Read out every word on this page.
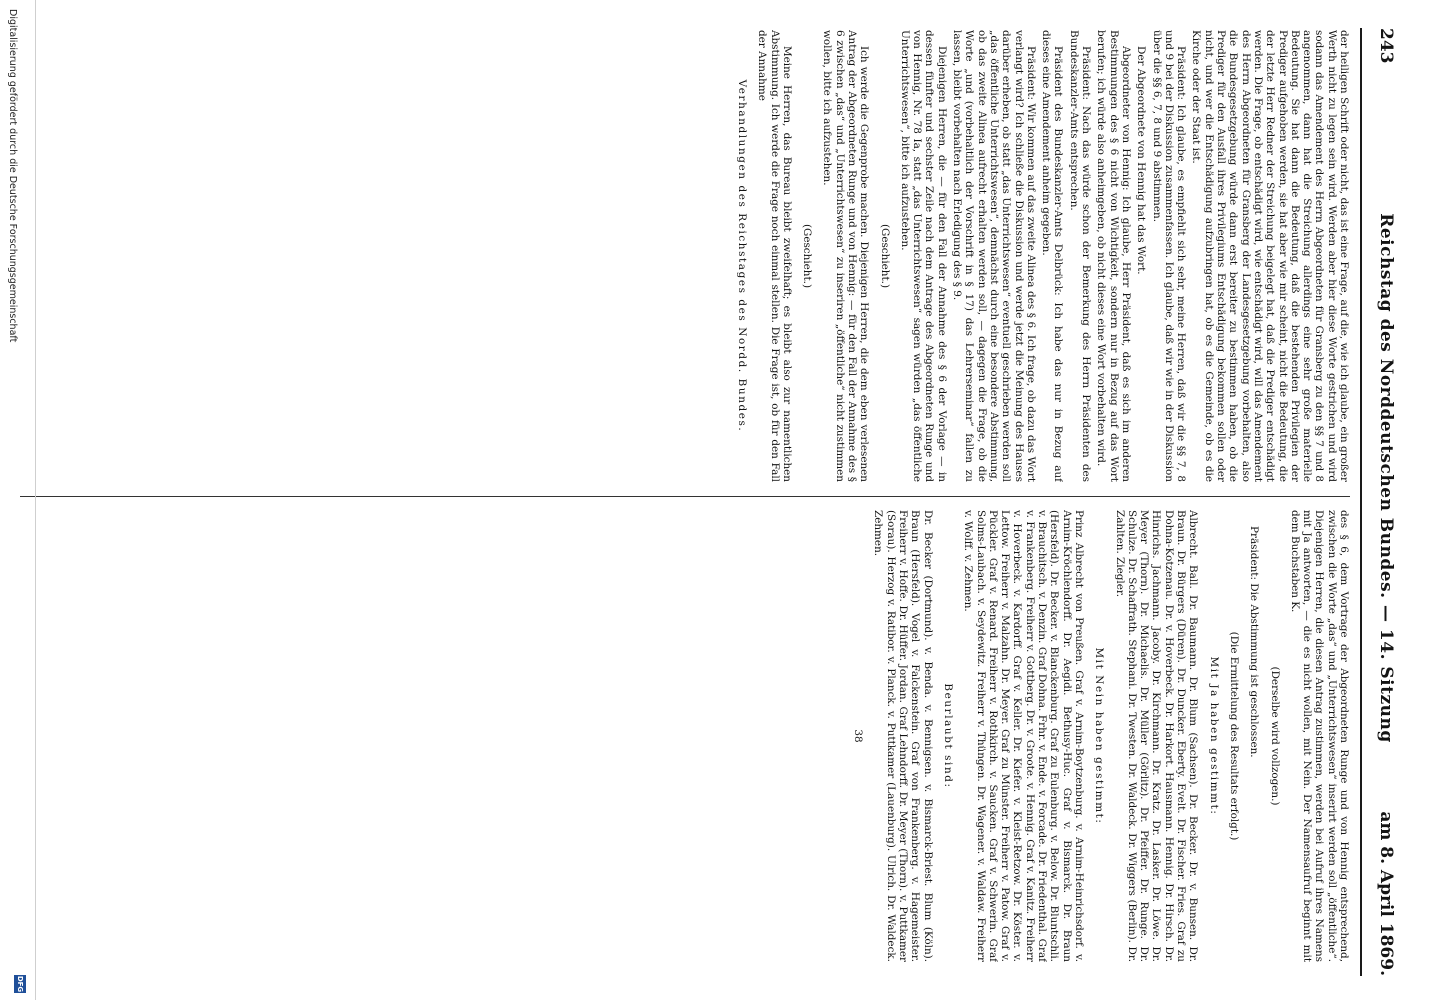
243
Reichstag des Norddeutschen Bundes. — 14. Sitzung
am 8. April 1869.

der heiligen Schrift oder nicht, das ist eine Frage, auf die, wie ich glaube, ein großer Werth nicht zu legen sein wird. Werden aber hier diese Worte gestrichen und wird sodann das Amendement des Herrn Abgeordneten für Gransberg zu den §§ 7 und 8 angenommen, dann hat die Streichung allerdings eine sehr große materielle Bedeutung. Sie hat dann die Bedeutung, daß die bestehenden Privilegien der Prediger aufgehoben werden, sie hat aber wie mir scheint, nicht die Bedeutung, die der letzte Herr Redner der Streichung beigelegt hat, daß die Prediger entschädigt werden. Die Frage, ob entschädigt wird, wie entschädigt wird, will das Amendement des Herrn Abgeordneten für Gransberg der Landesgesetzgebung vorbehalten, also die Bundesgesetzgebung würde dann erst bereiter zu bestimmen haben, ob die Prediger für den Ausfall ihres Privilegiums Entschädigung bekommen sollen oder nicht, und wer die Entschädigung aufzubringen hat, ob es die Gemeinde, ob es die Kirche oder der Staat ist.

Präsident: Ich glaube, es empfiehlt sich sehr, meine Herren, daß wir die §§ 7, 8 und 9 bei der Diskussion zusammenfassen. Ich glaube, daß wir wie in der Diskussion über die §§ 6, 7, 8 und 9 abstimmen.

Der Abgeordnete von Hennig hat das Wort.

Abgeordneter von Hennig: Ich glaube, Herr Präsident, daß es sich im anderen Bestimmungen des § 6 nicht von Wichtigkeit, sondern nur in Bezug auf das Wort berufen; ich würde also anheimgeben, ob nicht dieses eine Wort vorbehalten wird.

Präsident: Nach das würde schon der Bemerkung des Herrn Präsidenten des Bundeskanzler-Amts entsprechen.

Präsident des Bundeskanzler-Amts Delbrück: Ich habe das nur in Bezug auf dieses eine Amendement anheim gegeben.

Präsident: Wir kommen auf das zweite Alinea des § 6. Ich frage, ob dazu das Wort verlangt wird? Ich schließe die Diskussion und werde jetzt die Meinung des Hauses darüber erheben, ob statt „das Unterrichtswesen“ eventuell geschrieben werden soll „das öffentliche Unterrichtswesen“, demnächst durch eine besondere Abstimmung, ob das zweite Alinea aufrecht erhalten werden soll, — dagegen die Frage, ob die Worte „und (vorbehaltlich der Vorschrift in § 17) das Lehrerseminar“ fallen zu lassen, bleibt vorbehalten nach Erledigung des § 9.

Diejenigen Herren, die — für den Fall der Annahme des § 6 der Vorlage — in dessen fünfter und sechster Zeile nach dem Antrage des Abgeordneten Runge und von Hennig, Nr. 78 Ia, statt „das Unterrichtswesen“ sagen würden „das öffentliche Unterrichtswesen“, bitte ich aufzustehen.

(Geschieht.)

Ich werde die Gegenprobe machen. Diejenigen Herren, die dem eben verlesenen Antrag der Abgeordneten Runge und von Hennig: — für den Fall der Annahme des § 6 zwischen „das“ und „Unterrichtswesen“ zu inseriren „öffentliche“ nicht zustimmen wollen, bitte ich aufzustehen.

(Geschieht.)

Meine Herren, das Bureau bleibt zweifelhaft; es bleibt also zur namentlichen Abstimmung. Ich werde die Frage noch einmal stellen. Die Frage ist, ob für den Fall der Annahme

Verhandlungen des Reichstages des Nordd. Bundes.

des § 6, dem Vortrage der Abgeordneten Runge und von Hennig entsprechend, zwischen die Worte „das“ und „Unterrichtswesen“ inserirt werden soll „öffentliche“. Diejenigen Herren, die diesen Antrag zustimmen, werden bei Aufruf ihres Namens mit Ja antworten, — die es nicht wollen, mit Nein. Der Namensaufruf beginnt mit dem Buchstaben K.

(Derselbe wird vollzogen.)

Präsident: Die Abstimmung ist geschlossen.

(Die Ermittelung des Resultats erfolgt.)

Mit Ja haben gestimmt:

Albrecht. Ball. Dr. Baumann. Dr. Blum (Sachsen). Dr. Becker. Dr. v. Bunsen. Dr. Braun. Dr. Bürgers (Düren). Dr. Duncker. Eberty. Evelt. Dr. Fischer. Fries. Graf zu Dohna-Kotzenau. Dr. v. Hoverbeck. Dr. Harkort. Hausmann. Hennig. Dr. Hirsch. Dr. Hinrichs. Jachmann. Jacoby. Dr. Kirchmann. Dr. Kratz. Dr. Lasker. Dr. Löwe. Dr. Meyer (Thorn). Dr. Michaelis. Dr. Müller (Görlitz). Dr. Pfeiffer. Dr. Runge. Dr. Schulze. Dr. Schaffrath. Stephani. Dr. Twesten. Dr. Waldeck. Dr. Wiggers (Berlin). Dr. Zahlten. Ziegler.

Mit Nein haben gestimmt:

Prinz Albrecht von Preußen. Graf v. Arnim-Boytzenburg. v. Arnim-Heinrichsdorf. v. Arnim-Kröchlendorff. Dr. Aegidi. Bethusy-Huc. Graf v. Bismarck. Dr. Braun (Hersfeld). Dr. Becker. v. Blanckenburg. Graf zu Eulenburg. v. Below. Dr. Bluntschli. v. Brauchitsch. v. Denzin. Graf Dohna. Frhr. v. Ende. v. Forcade. Dr. Friedenthal. Graf v. Frankenberg. Freiherr v. Gottberg. Dr. v. Groote. v. Hennig. Graf v. Kanitz. Freiherr v. Hoverbeck. v. Kardorff. Graf v. Keller. Dr. Kiefer. v. Kleist-Retzow. Dr. Köster. v. Lettow. Freiherr v. Malzahn. Dr. Meyer. Graf zu Münster. Freiherr v. Patow. Graf v. Pückler. Graf v. Renard. Freiherr v. Rothkirch. v. Saucken. Graf v. Schwerin. Graf Solms-Laubach. v. Seydewitz. Freiherr v. Thüngen. Dr. Wagener. v. Waldaw. Freiherr v. Wolff. v. Zehmen.

Beurlaubt sind:

Dr. Becker (Dortmund). v. Benda. v. Bennigsen. v. Bismarck-Briest. Blum (Köln). Braun (Hersfeld). Vogel v. Falckenstein. Graf von Frankenberg. v. Hagemeister. Freiherr v. Hoffe. Dr. Hüffer. Jordan. Graf Lehndorff. Dr. Meyer (Thorn). v. Puttkamer (Sorau). Herzog v. Ratibor. v. Planck. v. Puttkamer (Lauenburg). Ulrich. Dr. Waldeck. Zehmen.

38

Digitalisierung gefördert durch die Deutsche Forschungsgemeinschaft
DFG
